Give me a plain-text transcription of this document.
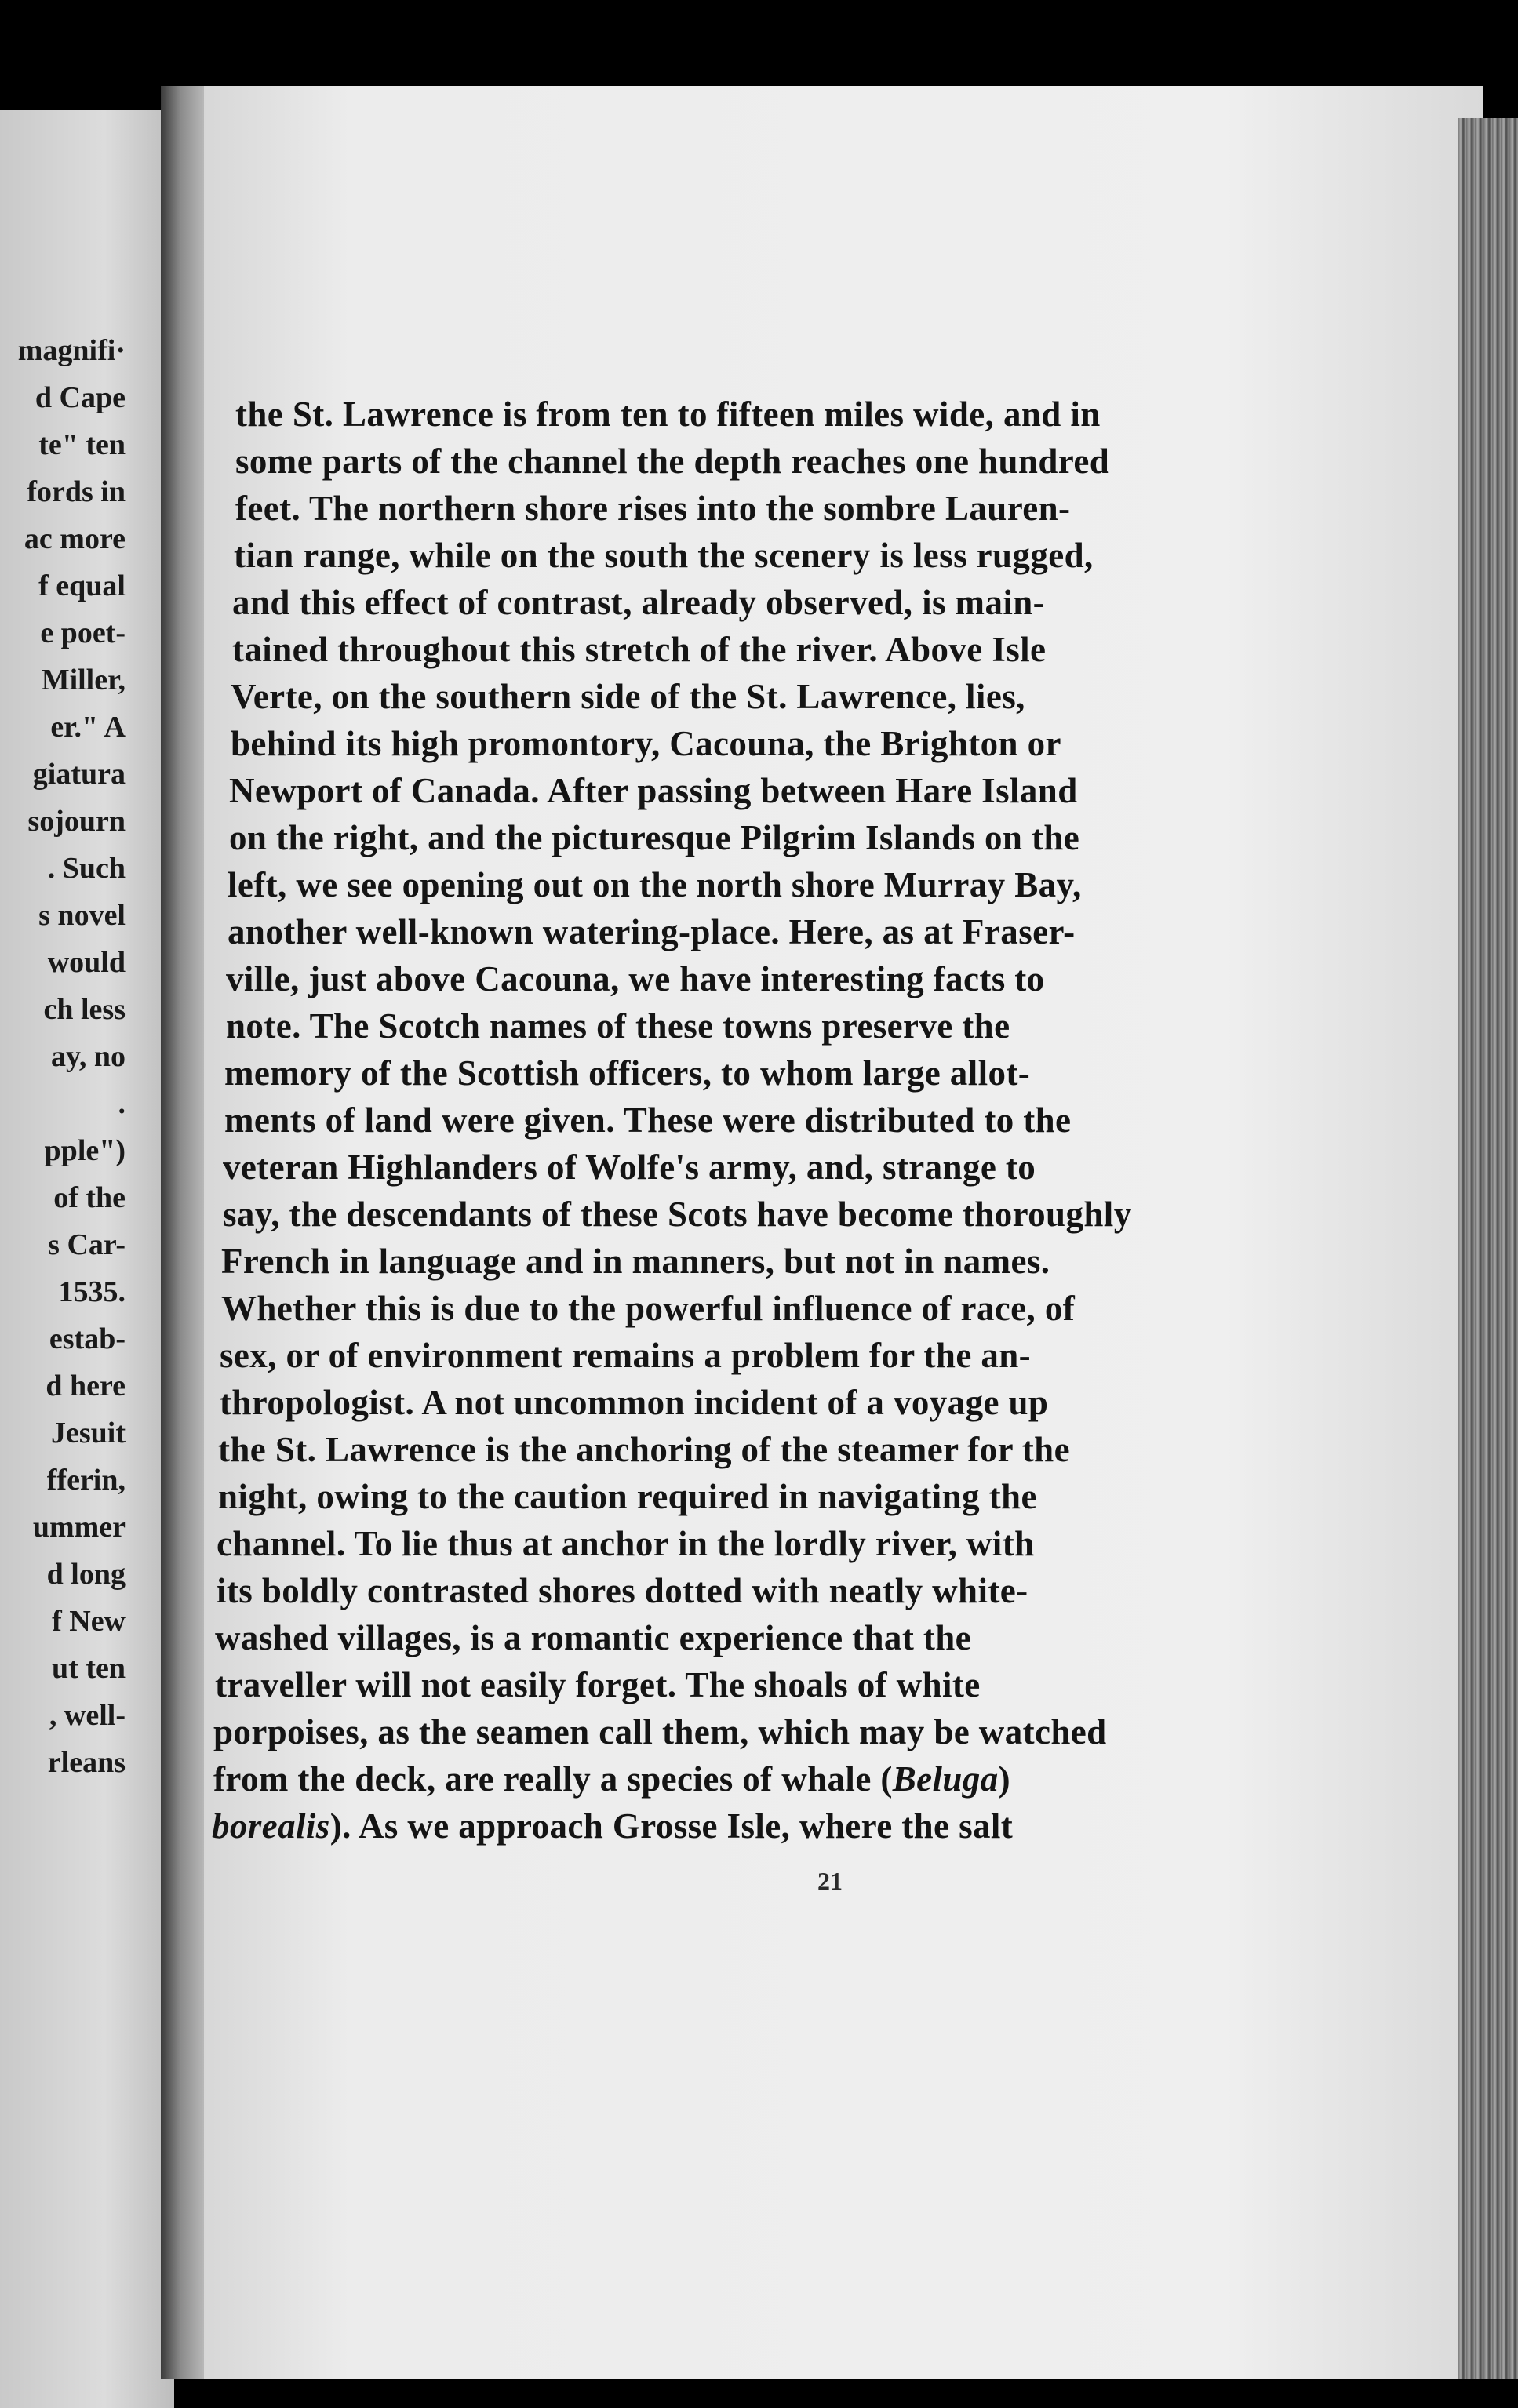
magnifi·
d Cape
te" ten
fords in
ac more
f equal
e poet-
Miller,
er." A
giatura
sojourn
. Such
s novel
would
ch less
ay, no
.
pple")
of the
s Car-
1535.
estab-
d here
Jesuit
fferin,
ummer
d long
f New
ut ten
, well-
rleans
the St. Lawrence is from ten to fifteen miles wide, and in
some parts of the channel the depth reaches one hundred
feet. The northern shore rises into the sombre Lauren-
tian range, while on the south the scenery is less rugged,
and this effect of contrast, already observed, is main-
tained throughout this stretch of the river. Above Isle
Verte, on the southern side of the St. Lawrence, lies,
behind its high promontory, Cacouna, the Brighton or
Newport of Canada. After passing between Hare Island
on the right, and the picturesque Pilgrim Islands on the
left, we see opening out on the north shore Murray Bay,
another well-known watering-place. Here, as at Fraser-
ville, just above Cacouna, we have interesting facts to
note. The Scotch names of these towns preserve the
memory of the Scottish officers, to whom large allot-
ments of land were given. These were distributed to the
veteran Highlanders of Wolfe's army, and, strange to
say, the descendants of these Scots have become thoroughly
French in language and in manners, but not in names.
Whether this is due to the powerful influence of race, of
sex, or of environment remains a problem for the an-
thropologist. A not uncommon incident of a voyage up
the St. Lawrence is the anchoring of the steamer for the
night, owing to the caution required in navigating the
channel. To lie thus at anchor in the lordly river, with
its boldly contrasted shores dotted with neatly white-
washed villages, is a romantic experience that the
traveller will not easily forget. The shoals of white
porpoises, as the seamen call them, which may be watched
from the deck, are really a species of whale (Beluga)
borealis). As we approach Grosse Isle, where the salt
21
